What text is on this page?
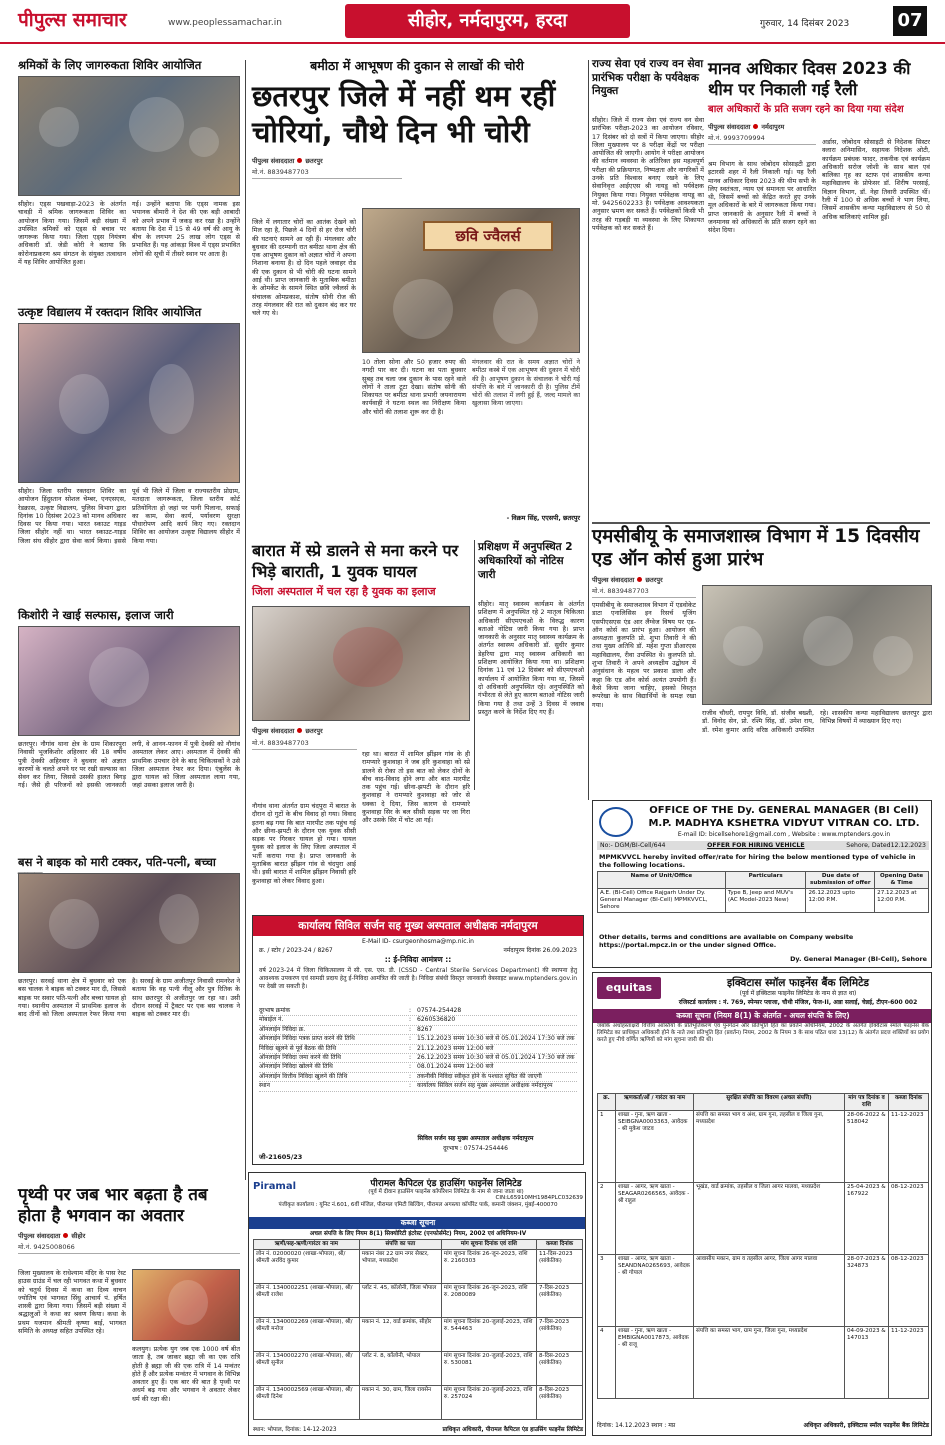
पीपुल्स समाचार	www.peoplessamachar.in	सीहोर, नर्मदापुरम, हरदा	गुरुवार, 14 दिसंबर 2023	07
श्रमिकों के लिए जागरुकता शिविर आयोजित
सीहोर। एड्स पखवाड़ा-2023 के अंतर्गत चावड़ी में श्रमिक जागरूकता शिविर का आयोजन किया गया। जिसमें बड़ी संख्या में उपस्थित श्रमिकों को एड्स से बचाव पर जागरूक किया गया। जिला एड्स नियंत्रण अधिकारी डॉ. जेडी कोरी ने बताया कि कोरोनाप्रकरण श्रम संगठन के संयुक्त तत्वाधान में यह शिविर आयोजित हुआ।
गई। उन्होंने बताया कि एड्स नामक इस भयानक बीमारी ने देश की एक बड़ी आबादी को अपने प्रभाव में जकड़ कर रखा है। उन्होंने बताया कि देश में 15 से 49 वर्ष की आयु के बीच के लगभग 25 लाख लोग एड्स से प्रभावित हैं। यह आंकड़ा विश्व में एड्स प्रभावित लोगों की सूची में तीसरे स्थान पर आता है।
उत्कृष्ट विद्यालय में रक्तदान शिविर आयोजित
सीहोर। जिला स्तरीय रक्तदान शिविर का आयोजन हिंदुस्तान सोशल चेम्बर, एनएसएस, रेडक्रास, उत्कृष्ट विद्यालय, पुलिस विभाग द्वारा दिनांक 10 दिसंबर 2023 को मानव अधिकार दिवस पर किया गया। भारत स्काउट गाइड जिला सीहोर नहीं था। भारत स्काउट-गाइड जिला संघ सीहोर द्वारा सेवा कार्य किया। इससे पूर्व भी जिले में जिला व राज्यस्तरीय प्रोग्राम, मतदाता जागरूकता, जिला स्तरीय कोर्ट प्रतियोगिता हो जहां पर पानी पिलाना, सफाई का काम, सेवा कार्य, पर्यावरण सुरक्षा पौधारोपण आदि कार्य किए गए। रक्तदान शिविर का आयोजन उत्कृष्ट विद्यालय सीहोर में किया गया।
किशोरी ने खाई सल्फास, इलाज जारी
छतरपुर। नौगांव थाना क्षेत्र के ग्राम शिकारपुरा निवासी भूजकिशोर अहिरवार की 18 वर्षीय पुत्री देवकी अहिरवार ने बुधवार को अज्ञात कारणों के चलते अपने घर पर रखी सल्फास का सेवन कर लिया, जिससे उसकी हालत बिगड़ गई। जैसे ही परिजनों को इसकी जानकारी लगी, वे आनन-फानन में पुत्री देवकी को नौगांव अस्पताल लेकर आए। अस्पताल में देवकी की प्राथमिक उपचार देने के बाद चिकित्सकों ने उसे जिला अस्पताल रेफर कर दिया। एंबुलेंस के द्वारा घायल को जिला अस्पताल लाया गया, जहां उसका इलाज जारी है।
बस ने बाइक को मारी टक्कर, पति-पत्नी, बच्चा
छतरपुर। सरवई थाना क्षेत्र में बुधवार को एक बस चालक ने बाइक को टक्कर मार दी, जिससे बाइक पर सवार पति-पत्नी और बच्चा घायल हो गया। स्थानीय अस्पताल में प्राथमिक इलाज के बाद तीनों को जिला अस्पताल रेफर किया गया है। सरवई के ग्राम अजीतपुर निवासी रामनरेश ने बताया कि वह पत्नी नीलू और पुत्र रितिक के साथ छतरपुर से अजीतपुर जा रहा था। उसी दौरान सरवई में ट्रैक्टर पर एक बस चालक ने बाइक को टक्कर मार दी।
पृथ्वी पर जब भार बढ़ता है तब होता है भगवान का अवतार
पीपुल्स संवाददाता सीहोर
मो.नं. 9425008066
जिला मुख्यालय के राधेश्याम मंदिर के पास रेस्ट हाउस ग्राउंड में चल रही भागवत कथा में बुधवार को चतुर्थ दिवस में कथा का दिव्य वाचन ज्योतिष एवं भागवत सिंधु आचार्य पं. हर्षित शास्त्री द्वारा किया गया। जिसमें बड़ी संख्या में श्रद्धालुओं ने कथा का श्रवण किया। कथा के प्रथम यजमान श्रीमती कृष्णा बाई, भागवत समिति के अध्यक्ष सहित उपस्थित रहे।
कलयुग। प्रत्येक युग जब एक 1000 वर्ष बीत जाता है, तब जाकर ब्रह्मा जी का एक रात्रि होती है ब्रह्मा जी की एक रात्रि में 14 मन्वंतर होते हैं और प्रत्येक मन्वंतर में भगवान के विभिन्न अवतार हुए हैं। एक बार की बात है पृथ्वी पर अधर्म बढ़ गया और भगवान ने अवतार लेकर धर्म की रक्षा की।
बमीठा में आभूषण की दुकान से लाखों की चोरी
छतरपुर जिले में नहीं थम रहीं चोरियां, चौथे दिन भी चोरी
पीपुल्स संवाददाता छतरपुर
मो.नं. 8839487703
जिले में लगातार चोरों का आतंक देखने को मिल रहा है, पिछले 4 दिनों से हर रोज चोरी की घटनाएं सामने आ रही हैं। मंगलवार और बुधवार की दरम्यानी रात बमीठा थाना क्षेत्र की एक आभूषण दुकान को अज्ञात चोरों ने अपना निशाना बनाया है। दो दिन पहले जवाहर रोड की एक दुकान से भी चोरी की घटना सामने आई थी। प्राप्त जानकारी के मुताबिक बमीठा के ओमर्केट के सामने स्थित छवि ज्वैलर्स के संचालक ओमप्रकाश, संतोष सोनी रोज की तरह मंगलवार की रात को दुकान बंद कर घर चले गए थे।
छवि ज्वैलर्स
10 तोला सोना और 50 हजार रुपए की नगदी पार कर दी। घटना का पता बुधवार सुबह तब चला जब दुकान के पास रहने वाले लोगों ने ताला टूटा देखा। संतोष सोनी की शिकायत पर बमीठा थाना प्रभारी जयनारायण कार्यवाही ने घटना स्थल का निरीक्षण किया और चोरों की तलाश शुरू कर दी है।
मंगलवार की रात के समय अज्ञात चोरों ने बमीठा कस्बे में एक आभूषण की दुकान में चोरी की है। आभूषण दुकान के संचालक ने चोरी गई संपत्ति के बारे में जानकारी दी है। पुलिस टीमें चोरों की तलाश में लगी हुई हैं, जल्द मामले का खुलासा किया जाएगा।
- विक्रम सिंह, एएसपी, छतरपुर
बारात में स्प्रे डालने से मना करने पर भिड़े बाराती, 1 युवक घायल
जिला अस्पताल में चल रहा है युवक का इलाज
पीपुल्स संवाददाता छतरपुर
मो.नं. 8839487703
नौगांव थाना अंतर्गत ग्राम चंदपुरा में बारात के दौरान दो गुटों के बीच विवाद हो गया। विवाद इतना बढ़ गया कि बात मारपीट तक पहुंच गई और छीना-झपटी के दौरान एक युवक सीसी सड़क पर गिरकर घायल हो गया। घायल युवक को इलाज के लिए जिला अस्पताल में भर्ती कराया गया है। प्राप्त जानकारी के मुताबिक बारात झींझन गांव से चंदपुरा आई थी। इसी बारात में शामिल झींझन निवासी हरि कुशवाहा को लेकर विवाद हुआ।
रहा था। बारात में शामिल झींझन गांव के ही रामप्यारे कुशवाहा ने जब हरि कुशवाहा को स्प्रे डालने से रोका तो इस बात को लेकर दोनों के बीच वाद-विवाद होने लगा और बात मारपीट तक पहुंच गई। छीना-झपटी के दौरान हरि कुशवाहा ने रामप्यारे कुशवाहा को जोर से धक्का दे दिया, जिस कारण से रामप्यारे कुशवाहा सिर के बल सीसी सड़क पर जा गिरा और उसके सिर में चोट आ गई।
प्रशिक्षण में अनुपस्थित 2 अधिकारियों को नोटिस जारी
सीहोर। मातृ स्वास्थ्य कार्यक्रम के अंतर्गत प्रशिक्षण में अनुपस्थित रहे 2 मातृत्व चिकित्सा अधिकारी सीएमएचओ के विरुद्ध कारण बताओ नोटिस जारी किया गया है। प्राप्त जानकारी के अनुसार मातृ स्वास्थ्य कार्यक्रम के अंतर्गत स्वास्थ्य अधिकारी डॉ. सुधीर कुमार डेहरिया द्वारा मातृ स्वास्थ्य अधिकारी का प्रशिक्षण आयोजित किया गया था। प्रशिक्षण दिनांक 11 एवं 12 दिसंबर को सीएमएचओ कार्यालय में आयोजित किया गया था, जिसमें दो अधिकारी अनुपस्थित रहे। अनुपस्थिति को गंभीरता से लेते हुए कारण बताओ नोटिस जारी किया गया है तथा उन्हें 3 दिवस में जवाब प्रस्तुत करने के निर्देश दिए गए हैं।
राज्य सेवा एवं राज्य वन सेवा प्रारंभिक परीक्षा के पर्यवेक्षक नियुक्त
सीहोर। जिले में राज्य सेवा एवं राज्य वन सेवा प्रारंभिक परीक्षा-2023 का आयोजन रविवार, 17 दिसंबर को दो सत्रों में किया जाएगा। सीहोर जिला मुख्यालय पर 8 परीक्षा केंद्रों पर परीक्षा आयोजित की जाएगी। आयोग ने परीक्षा आयोजन की वर्तमान व्यवस्था के अतिरिक्त इस महत्वपूर्ण परीक्षा की प्रक्रियागत, निष्पक्षता और नागरिकों में उनके प्रति विश्वास बनाए रखने के लिए सेवानिवृत्त आईएएस श्री नायडू को पर्यवेक्षक नियुक्त किया गया। नियुक्त पर्यवेक्षक नायडू का मो. 9425602233 है। पर्यवेक्षक आवश्यकता अनुसार भ्रमण कर सकते हैं। पर्यवेक्षकों किसी भी तरह की गड़बड़ी या व्यवस्था के लिए शिकायत पर्यवेक्षक को कर सकते हैं।
मानव अधिकार दिवस 2023 की थीम पर निकाली गई रैली
बाल अधिकारों के प्रति सजग रहने का दिया गया संदेश
पीपुल्स संवाददाता नर्मदापुरम
मो.नं. 9993709994
श्रम विभाग के साथ जोबोदय सोसाइटी द्वारा इटारसी शहर में रैली निकाली गई। यह रैली मानव अधिकार दिवस 2023 की थीम सभी के लिए स्वतंत्रता, न्याय एवं समानता पर आधारित थी, जिसमें बच्चों को केंद्रित करते हुए उनके मूल अधिकारों के बारे में जागरुकता किया गया। प्राप्त जानकारी के अनुसार रैली में बच्चों ने जनमानस को अधिकारों के प्रति सजग रहने का संदेश दिया।
अर्डास, जोबोदय सोसाइटी से निदेशक सिस्टर क्लारा अनिमासिन, सहायक निदेशक ओटी, कार्यक्रम प्रबंधक फादर, तकनीक एवं कार्यक्रम अधिकारी सरोज जोशी के साथ बाल एवं बालिका गृह का स्टाफ एवं शासकीय कन्या महाविद्यालय के प्रोफेसर डॉ. शिरीष परसाई, विज्ञान विभाग, डॉ. नेहा तिवारी उपस्थित थीं। रैली में 100 से अधिक बच्चों ने भाग लिया, जिसमें शासकीय कन्या महाविद्यालय से 50 से अधिक बालिकाएं शामिल हुईं।
एमसीबीयू के समाजशास्त्र विभाग में 15 दिवसीय एड ऑन कोर्स हुआ प्रारंभ
पीपुल्स संवाददाता छतरपुर
मो.नं. 8839487703
एमसीबीयू के समाजशास्त्र विभाग में एडवोकेट डाटा एनालिसिस इन रिसर्च यूजिंग एसपीएसएस एंड आर लैंग्वेज विषय पर एड-ऑन कोर्स का प्रारंभ हुआ। आयोजन की अध्यक्षता कुलपति प्रो. शुभा तिवारी ने की तथा मुख्य अतिथि डॉ. महेश गुप्ता डीआरएस महाविद्यालय, रीवा उपस्थित थे। कुलपति प्रो. शुभा तिवारी ने अपने अध्यक्षीय उद्बोधन में अनुसंधान के महत्व पर प्रकाश डाला और कहा कि एड ऑन कोर्स अत्यंत उपयोगी हैं। कैसे किया जाना चाहिए, इसको विस्तृत रूपरेखा के साथ विद्यार्थियों के समक्ष रखा गया।
राजीव चौधरी, रायपुर विवि, डॉ. संजीव बख्शी, डॉ. विनोद सेन, प्रो. रश्मि सिंह, डॉ. उमेश राय, डॉ. रमेश कुमार आदि वरिष्ठ अधिकारी उपस्थित रहे। शासकीय कन्या महाविद्यालय छतरपुर द्वारा विभिन्न विषयों में व्याख्यान दिए गए।
OFFICE OF THE Dy. GENERAL MANAGER (BI Cell)
M.P. MADHYA KSHETRA VIDYUT VITRAN CO. LTD.
E-mail ID: bicellsehore1@gmail.com , Website : www.mptenders.gov.in
No:- DGM/BI-Cell/644	OFFER FOR HIRING VEHICLE	Sehore, Dated12.12.2023
MPMKVVCL hereby invited offer/rate for hiring the below mentioned type of vehicle in the following locations.
Name of Unit/Office	Particulars	Due date of submission of offer	Opening Date & Time
A.E. (BI-Cell) Office Rajgarh Under Dy. General Manager (BI-Cell) MPMKVVCL, Sehore	Type B, Jeep and MUV's (AC Model-2023 New)	26.12.2023 upto 12:00 P.M.	27.12.2023 at 12:00 P.M.
Other details, terms and conditions are available on Company website https://portal.mpcz.in or the under signed Office.
Dy. General Manager (BI-Cell), Sehore
कार्यालय सिविल सर्जन सह मुख्य अस्पताल अधीक्षक नर्मदापुरम
E-Mail ID- csurgeonhosma@mp.nic.in
क्र. / स्टोर / 2023-24 / 8267	नर्मदापुरम दिनांक 26.09.2023
:: ई-निविदा आमंत्रण ::
वर्ष 2023-24 में जिला चिकित्सालय में सी. एस. एस. डी. (CSSD - Central Sterile Services Department) की स्थापना हेतु आवश्यक उपकरण एवं सामग्री प्रदाय हेतु ई-निविदा आमंत्रित की जाती है। निविदा संबंधी विस्तृत जानकारी वेबसाइट www.mptenders.gov.in पर देखी जा सकती है।
दूरभाष क्रमांक	: 07574-254428
मोबाईल नं.	: 6260536820
ऑनलाईन निविदा क्र.	: 8267
ऑनलाईन निविदा पत्रक प्राप्त करने की तिथि	: 15.12.2023 समय 10:30 बजे से 05.01.2024 17:30 बजे तक
निविदा खुलने से पूर्व बैठक की तिथि	: 21.12.2023 समय 12:00 बजे
ऑनलाईन निविदा जमा करने की तिथि	: 26.12.2023 समय 10:30 बजे से 05.01.2024 17:30 बजे तक
ऑनलाईन निविदा खोलने की तिथि	: 08.01.2024 समय 12:00 बजे
ऑनलाईन वित्तीय निविदा खुलने की तिथि	: तकनीकी निविदा स्वीकृत होने के पश्चात सूचित की जाएगी
स्थान	: कार्यालय सिविल सर्जन सह मुख्य अस्पताल अधीक्षक नर्मदापुरम
सिविल सर्जन सह मुख्य अस्पताल अधीक्षक नर्मदापुरम
दूरभाष : 07574-254446
जी-21605/23
equitas	इक्विटास स्मॉल फाइनेंस बैंक लिमिटेड
(पूर्व में इक्विटास फाइनेंस लिमिटेड के नाम से ज्ञात था)
रजिस्टर्ड कार्यालय : नं. 769, स्पेन्सर प्लाजा, चौथी मंजिल, फेज-II, अन्ना सलाई, चेन्नई, टीएन-600 002
कब्जा सूचना (नियम 8(1) के अंतर्गत - अचल संपत्ति के लिए)
जबकि अधोहस्ताक्षरी वित्तीय आस्तियों के प्रतिभूतिकरण एवं पुनर्गठन और प्रतिभूति हित का प्रवर्तन अधिनियम, 2002 के अंतर्गत इक्विटास स्मॉल फाइनेंस बैंक लिमिटेड का प्राधिकृत अधिकारी होने के नाते तथा प्रतिभूति हित (प्रवर्तन) नियम, 2002 के नियम 3 के साथ पठित धारा 13(12) के अंतर्गत प्रदत्त शक्तियों का प्रयोग करते हुए नीचे वर्णित ऋणियों को मांग सूचना जारी की थी।
क्र.	ऋणकर्ता/ओं / गारंटर का नाम	सुरक्षित संपत्ति का विवरण (अचल संपत्ति)	मांग पत्र दिनांक व राशि	कब्जा दिनांक
1	शाखा - गुना, ऋण खाता - SEIBGNA0003363, आवेदक - श्री मुकेश जाटव	संपत्ति का समस्त भाग व अंश, ग्राम गुना, तहसील व जिला गुना, मध्यप्रदेश	28-06-2022 & 518042	11-12-2023
2	शाखा - आगर, ऋण खाता - SEAGAR0266565, आवेदक - श्री राहुल	भूखंड, वार्ड क्रमांक, तहसील व जिला आगर मालवा, मध्यप्रदेश	25-04-2023 & 167922	08-12-2023
3	शाखा - आगर, ऋण खाता - SEANDNA0265693, आवेदक - श्री गोपाल	आवासीय मकान, ग्राम व तहसील आगर, जिला आगर मालवा	28-07-2023 & 324873	08-12-2023
4	शाखा - गुना, ऋण खाता - EMBIGNA0017873, आवेदक - श्री राजू	संपत्ति का समस्त भाग, ग्राम गुना, जिला गुना, मध्यप्रदेश	04-09-2023 & 147013	11-12-2023
दिनांक: 14.12.2023 स्थान : मप्र	अधिकृत अधिकारी, इक्विटास स्मॉल फाइनेंस बैंक लिमिटेड
Piramal	पीरामल कैपिटल एंड हाउसिंग फाइनेंस लिमिटेड
(पूर्व में दीवान हाउसिंग फाइनेंस कॉर्पोरेशन लिमिटेड के नाम से जाना जाता था)
CIN:L65910MH1984PLC032639
पंजीकृत कार्यालय : यूनिट नं.601, 6वीं मंजिल, पीरामल एमिटी बिल्डिंग, पीरामल अगस्त्या कॉर्पोरेट पार्क, कमानी जंक्शन, मुंबई-400070
कब्जा सूचना
अचल संपत्ति के लिए नियम 8(1) सिक्योरिटी इंटरेस्ट (एनफोर्समेंट) नियम, 2002 एवं अधिनियम-IV
ऋणी/सह-ऋणी/गारंटर का नाम	संपत्ति का पता	मांग सूचना दिनांक एवं राशि	कब्जा दिनांक
लोन नं. 02000020 (शाखा-भोपाल), श्री/श्रीमती अरविंद कुमार	मकान नंबर 22 ग्राम नगर सेक्टर, भोपाल, मध्यप्रदेश	मांग सूचना दिनांक 26-जून-2023, राशि रु. 2160303	11-दिस-2023 (सांकेतिक)
लोन नं. 1340002251 (शाखा-भोपाल), श्री/श्रीमती राजेश	प्लॉट नं. 45, कॉलोनी, जिला भोपाल	मांग सूचना दिनांक 26-जून-2023, राशि रु. 2080089	7-दिस-2023 (सांकेतिक)
लोन नं. 1340002269 (शाखा-भोपाल), श्री/श्रीमती मनोज	मकान नं. 12, वार्ड क्रमांक, सीहोर	मांग सूचना दिनांक 20-जुलाई-2023, राशि रु. 544463	7-दिस-2023 (सांकेतिक)
लोन नं. 1340002270 (शाखा-भोपाल), श्री/श्रीमती सुनील	प्लॉट नं. 8, कॉलोनी, भोपाल	मांग सूचना दिनांक 20-जुलाई-2023, राशि रु. 530081	8-दिस-2023 (सांकेतिक)
लोन नं. 1340002569 (शाखा-भोपाल), श्री/श्रीमती दिनेश	मकान नं. 30, ग्राम, जिला रायसेन	मांग सूचना दिनांक 20-जुलाई-2023, राशि रु. 257024	8-दिस-2023 (सांकेतिक)
स्थान: भोपाल, दिनांक: 14-12-2023	प्राधिकृत अधिकारी, पीरामल कैपिटल एंड हाउसिंग फाइनेंस लिमिटेड
